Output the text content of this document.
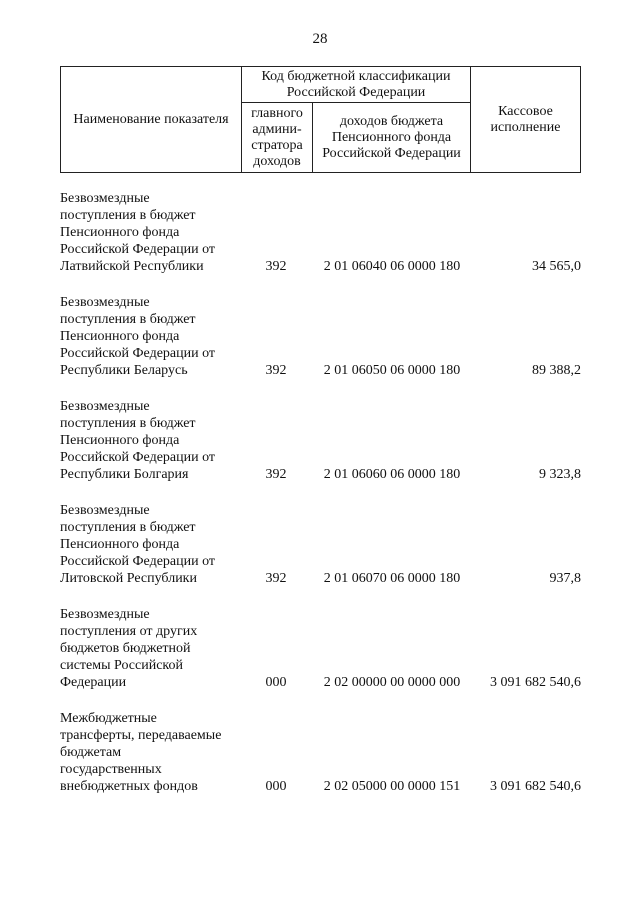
28
Наименование показателя	Код бюджетной классификации Российской Федерации		Кассовое исполнение
	главного админи-стратора доходов	доходов бюджета Пенсионного фонда Российской Федерации	
Безвозмездные
поступления в бюджет
Пенсионного фонда
Российской Федерации от
Латвийской Республики	392	2 01 06040 06 0000 180	34 565,0
Безвозмездные
поступления в бюджет
Пенсионного фонда
Российской Федерации от
Республики Беларусь	392	2 01 06050 06 0000 180	89 388,2
Безвозмездные
поступления в бюджет
Пенсионного фонда
Российской Федерации от
Республики Болгария	392	2 01 06060 06 0000 180	9 323,8
Безвозмездные
поступления в бюджет
Пенсионного фонда
Российской Федерации от
Литовской Республики	392	2 01 06070 06 0000 180	937,8
Безвозмездные
поступления от других
бюджетов бюджетной
системы Российской
Федерации	000	2 02 00000 00 0000 000	3 091 682 540,6
Межбюджетные
трансферты, передаваемые
бюджетам
государственных
внебюджетных фондов	000	2 02 05000 00 0000 151	3 091 682 540,6
